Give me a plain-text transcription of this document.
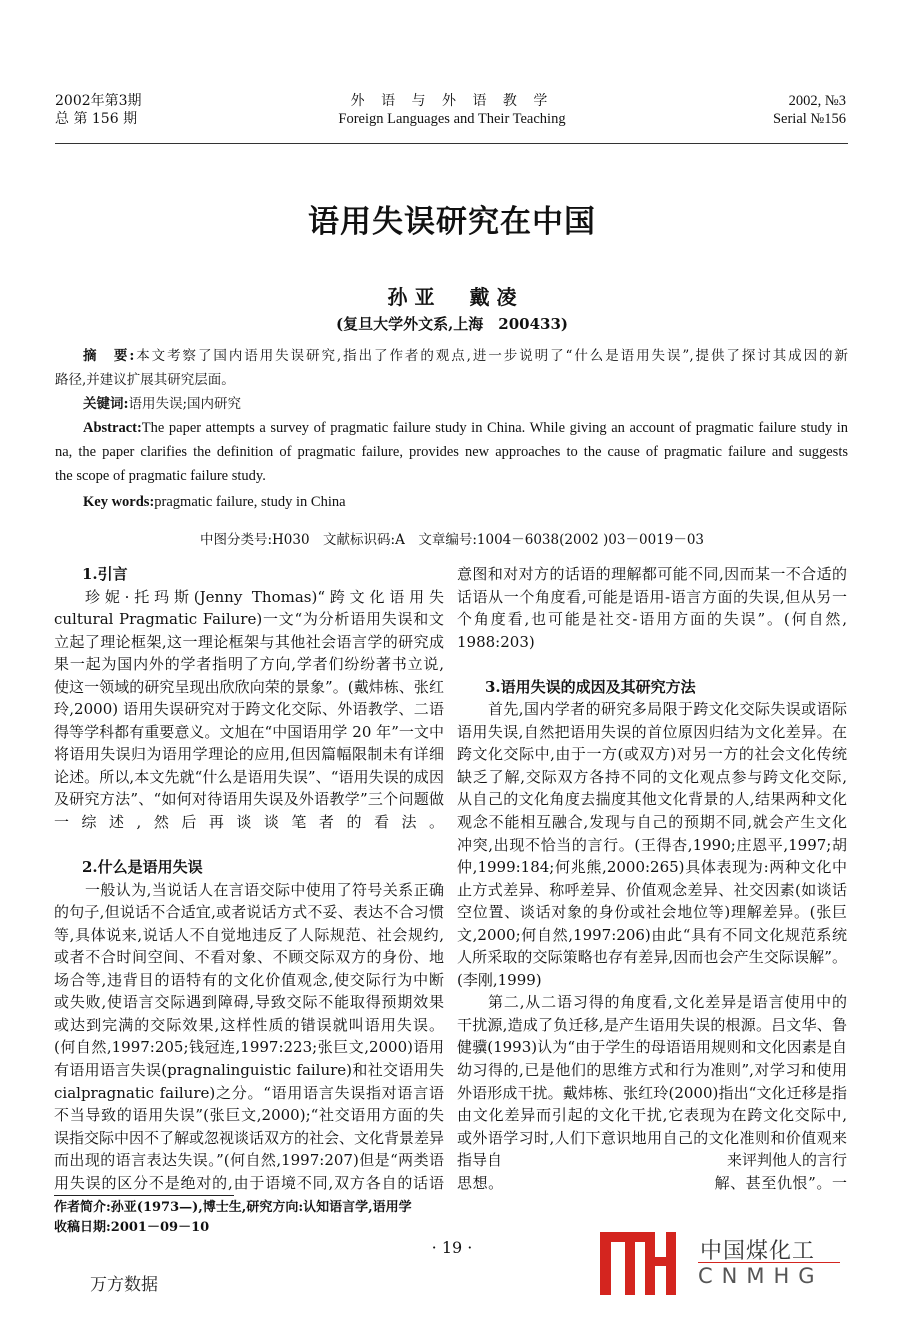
2002年第3期
总 第 156 期
外 语 与 外 语 教 学
Foreign Languages and Their Teaching
2002, №3
Serial №156
语用失误研究在中国
孙 亚 戴 凌
(复旦大学外文系,上海　200433)
摘　要:本文考察了国内语用失误研究,指出了作者的观点,进一步说明了“什么是语用失误”,提供了探讨其成因的新
路径,并建议扩展其研究层面。
关键词:语用失误;国内研究
Abstract:The paper attempts a survey of pragmatic failure study in China. While giving an account of pragmatic failure study in
na, the paper clarifies the definition of pragmatic failure, provides new approaches to the cause of pragmatic failure and suggests
the scope of pragmatic failure study.
Key words:pragmatic failure, study in China
中图分类号:H030　文献标识码:A　文章编号:1004－6038(2002 )03－0019－03
1.引言
珍妮·托玛斯(Jenny Thomas)“跨文化语用失
cultural Pragmatic Failure)一文“为分析语用失误和文
立起了理论框架,这一理论框架与其他社会语言学的研究成
果一起为国内外的学者指明了方向,学者们纷纷著书立说,
使这一领域的研究呈现出欣欣向荣的景象”。(戴炜栋、张红
玲,2000) 语用失误研究对于跨文化交际、外语教学、二语
得等学科都有重要意义。文旭在“中国语用学 20 年”一文中
将语用失误归为语用学理论的应用,但因篇幅限制未有详细
论述。所以,本文先就“什么是语用失误”、“语用失误的成因
及研究方法”、“如何对待语用失误及外语教学”三个问题做
一综述,然后再谈谈笔者的看法。
2.什么是语用失误
一般认为,当说话人在言语交际中使用了符号关系正确
的句子,但说话不合适宜,或者说话方式不妥、表达不合习惯
等,具体说来,说话人不自觉地违反了人际规范、社会规约,
或者不合时间空间、不看对象、不顾交际双方的身份、地
场合等,违背目的语特有的文化价值观念,使交际行为中断
或失败,使语言交际遇到障碍,导致交际不能取得预期效果
或达到完满的交际效果,这样性质的错误就叫语用失误。
(何自然,1997:205;钱冠连,1997:223;张巨文,2000)语用
有语用语言失误(pragnalinguistic failure)和社交语用失
cialpragnatic failure)之分。“语用语言失误指对语言语
不当导致的语用失误”(张巨文,2000);“社交语用方面的失
误指交际中因不了解或忽视谈话双方的社会、文化背景差异
而出现的语言表达失误。”(何自然,1997:207)但是“两类语
用失误的区分不是绝对的,由于语境不同,双方各自的话语
意图和对对方的话语的理解都可能不同,因而某一不合适的
话语从一个角度看,可能是语用-语言方面的失误,但从另一
个角度看,也可能是社交-语用方面的失误”。(何自然,
1988:203)
3.语用失误的成因及其研究方法
首先,国内学者的研究多局限于跨文化交际失误或语际
语用失误,自然把语用失误的首位原因归结为文化差异。在
跨文化交际中,由于一方(或双方)对另一方的社会文化传统
缺乏了解,交际双方各持不同的文化观点参与跨文化交际,
从自己的文化角度去揣度其他文化背景的人,结果两种文化
观念不能相互融合,发现与自己的预期不同,就会产生文化
冲突,出现不恰当的言行。(王得杏,1990;庄恩平,1997;胡
仲,1999:184;何兆熊,2000:265)具体表现为:两种文化中
止方式差异、称呼差异、价值观念差异、社交因素(如谈话
空位置、谈话对象的身份或社会地位等)理解差异。(张巨
文,2000;何自然,1997:206)由此“具有不同文化规范系统
人所采取的交际策略也存有差异,因而也会产生交际误解”。
(李刚,1999)
第二,从二语习得的角度看,文化差异是语言使用中的
干扰源,造成了负迁移,是产生语用失误的根源。吕文华、鲁
健骥(1993)认为“由于学生的母语语用规则和文化因素是自
幼习得的,已是他们的思维方式和行为准则”,对学习和使用
外语形成干扰。戴炜栋、张红玲(2000)指出“文化迁移是指
由文化差异而引起的文化干扰,它表现为在跨文化交际中,
或外语学习时,人们下意识地用自己的文化准则和价值观来
指导自　　　　　　　　　　　　　　　来评判他人的言行
思想。　　　　　　　　　　　　　　解、甚至仇恨”。一
作者简介:孙亚(1973—),博士生,研究方向:认知语言学,语用学
收稿日期:2001－09－10
· 19 ·
万方数据
中国煤化工
CNMHG
